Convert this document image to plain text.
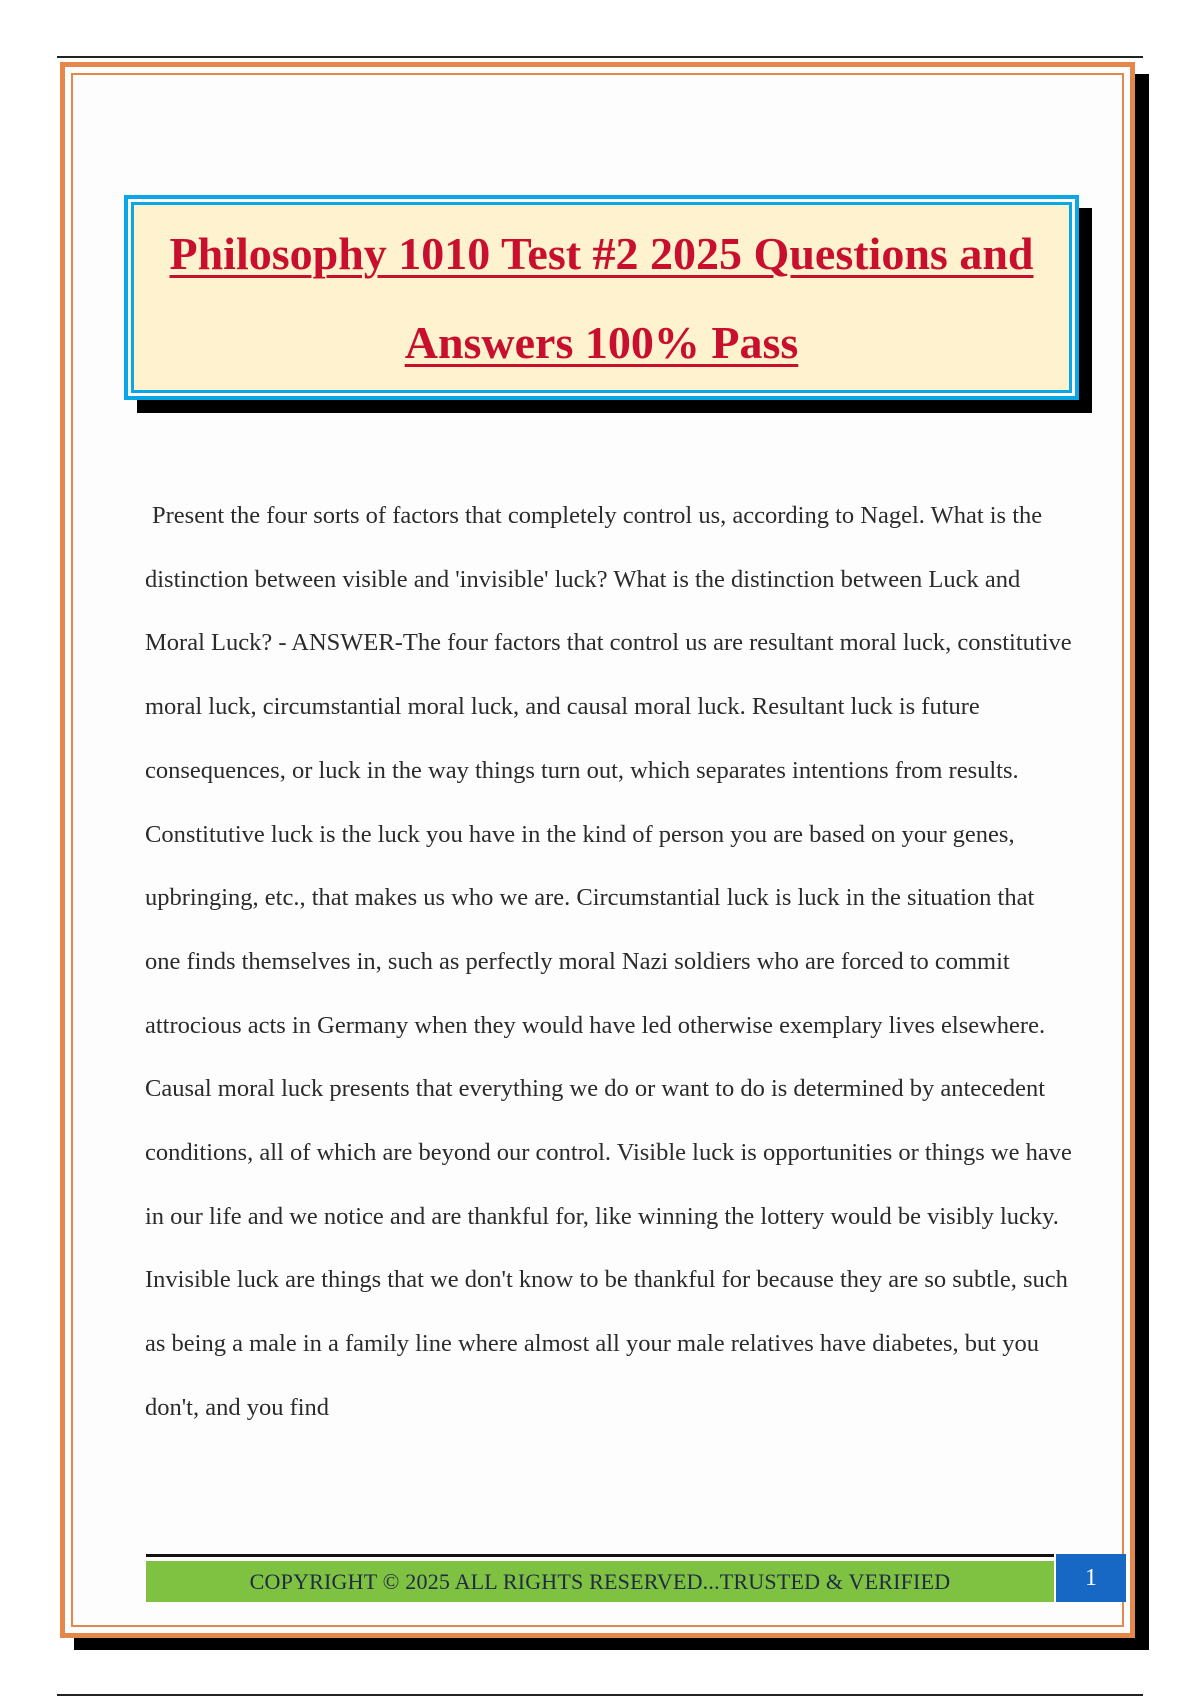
Philosophy 1010 Test #2 2025 Questions and Answers 100% Pass

Present the four sorts of factors that completely control us, according to Nagel. What is the distinction between visible and 'invisible' luck? What is the distinction between Luck and Moral Luck? - ANSWER-The four factors that control us are resultant moral luck, constitutive moral luck, circumstantial moral luck, and causal moral luck. Resultant luck is future consequences, or luck in the way things turn out, which separates intentions from results. Constitutive luck is the luck you have in the kind of person you are based on your genes, upbringing, etc., that makes us who we are. Circumstantial luck is luck in the situation that one finds themselves in, such as perfectly moral Nazi soldiers who are forced to commit attrocious acts in Germany when they would have led otherwise exemplary lives elsewhere. Causal moral luck presents that everything we do or want to do is determined by antecedent conditions, all of which are beyond our control. Visible luck is opportunities or things we have in our life and we notice and are thankful for, like winning the lottery would be visibly lucky. Invisible luck are things that we don't know to be thankful for because they are so subtle, such as being a male in a family line where almost all your male relatives have diabetes, but you don't, and you find

COPYRIGHT © 2025 ALL RIGHTS RESERVED...TRUSTED & VERIFIED	1
